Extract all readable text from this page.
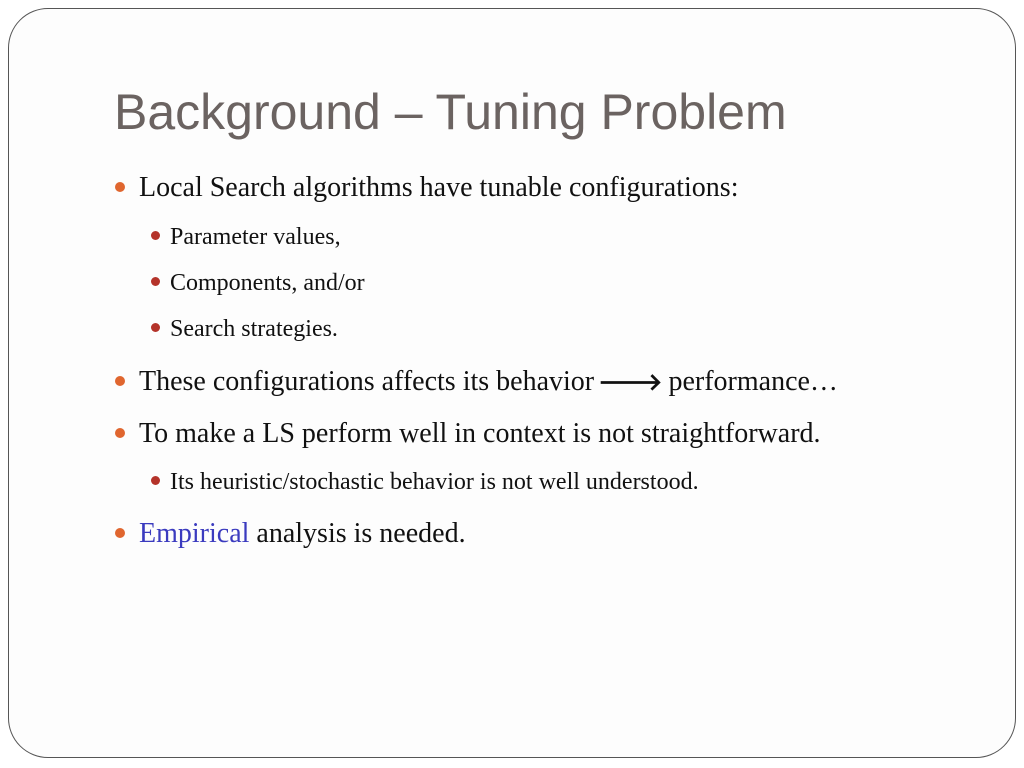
Background – Tuning Problem
Local Search algorithms have tunable configurations:
Parameter values,
Components, and/or
Search strategies.
These configurations affects its behavior 🡒 performance…
To make a LS perform well in context is not straightforward.
Its heuristic/stochastic behavior is not well understood.
Empirical analysis is needed.
